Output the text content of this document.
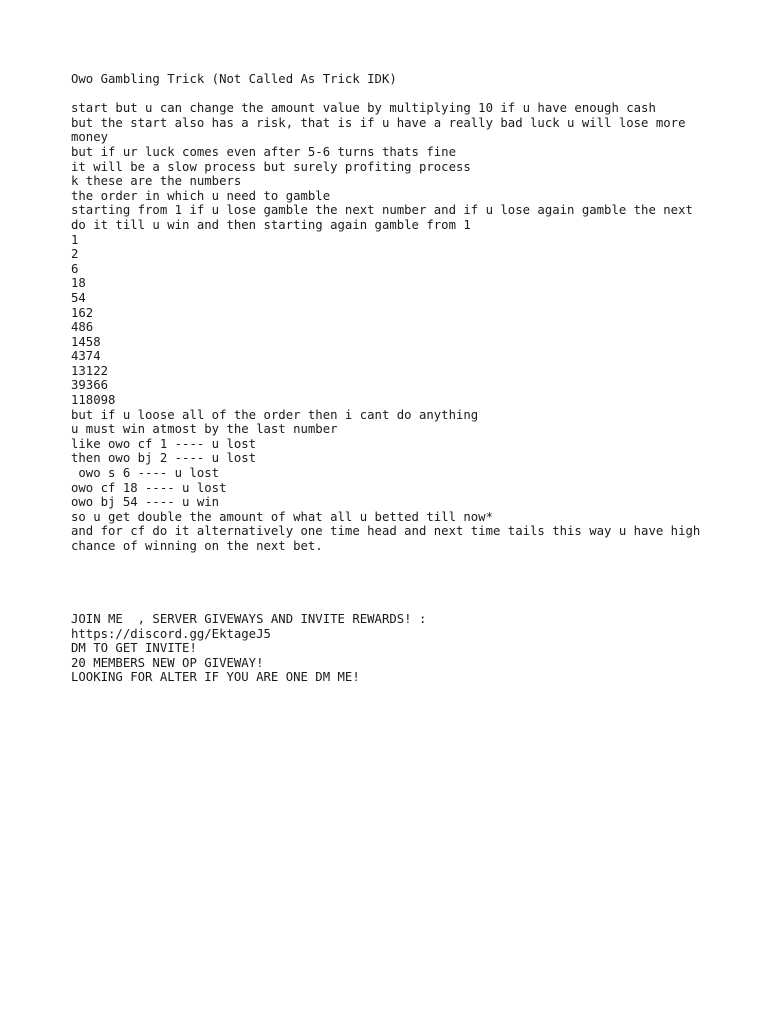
Owo Gambling Trick (Not Called As Trick IDK)

start but u can change the amount value by multiplying 10 if u have enough cash

but the start also has a risk, that is if u have a really bad luck u will lose more money

but if ur luck comes even after 5-6 turns thats fine

it will be a slow process but surely profiting process

k these are the numbers

the order in which u need to gamble

starting from 1 if u lose gamble the next number and if u lose again gamble the next do it till u win and then starting again gamble from 1

1

2

6

18

54

162

486

1458

4374

13122

39366

118098

but if u loose all of the order then i cant do anything

u must win atmost by the last number

like owo cf 1 ---- u lost

then owo bj 2 ---- u lost

owo s 6 ---- u lost

owo cf 18 ---- u lost

owo bj 54 ---- u win

so u get double the amount of what all u betted till now*

and for cf do it alternatively one time head and next time tails this way u have high chance of winning on the next bet.

JOIN ME  , SERVER GIVEWAYS AND INVITE REWARDS! :

https://discord.gg/EktageJ5

DM TO GET INVITE!

20 MEMBERS NEW OP GIVEWAY!

LOOKING FOR ALTER IF YOU ARE ONE DM ME!
